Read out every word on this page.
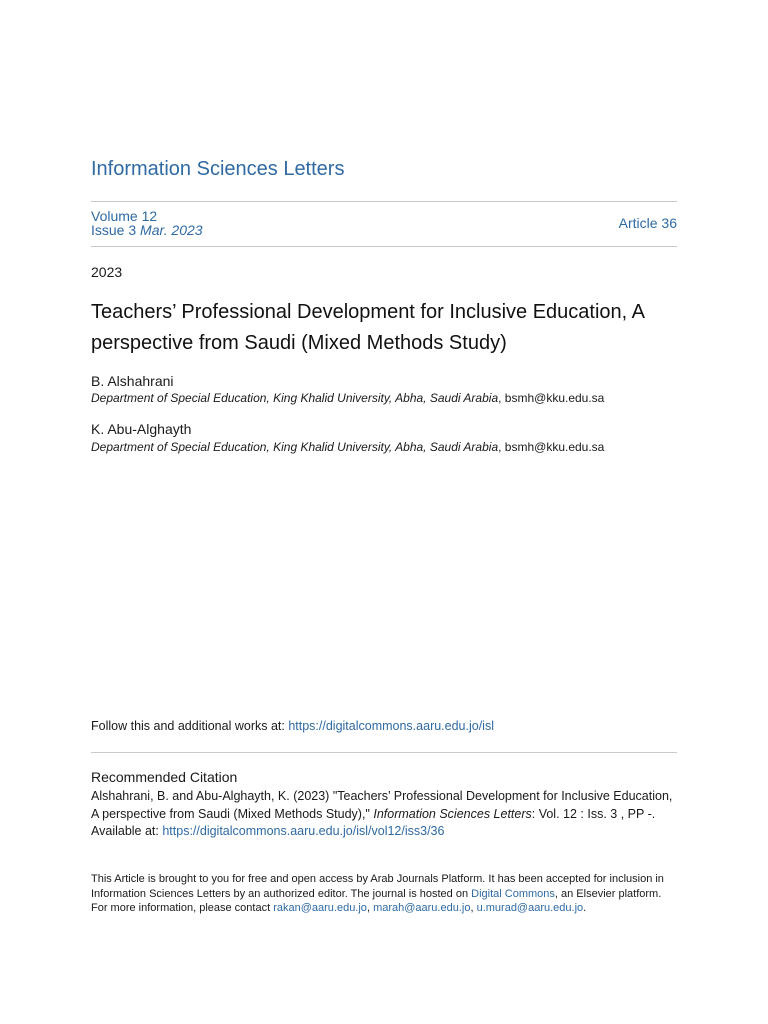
Information Sciences Letters
Volume 12
Issue 3 Mar. 2023	Article 36
2023
Teachers’ Professional Development for Inclusive Education, A perspective from Saudi (Mixed Methods Study)
B. Alshahrani
Department of Special Education, King Khalid University, Abha, Saudi Arabia, bsmh@kku.edu.sa
K. Abu-Alghayth
Department of Special Education, King Khalid University, Abha, Saudi Arabia, bsmh@kku.edu.sa
Follow this and additional works at: https://digitalcommons.aaru.edu.jo/isl
Recommended Citation
Alshahrani, B. and Abu-Alghayth, K. (2023) "Teachers’ Professional Development for Inclusive Education, A perspective from Saudi (Mixed Methods Study)," Information Sciences Letters: Vol. 12 : Iss. 3 , PP -.
Available at: https://digitalcommons.aaru.edu.jo/isl/vol12/iss3/36
This Article is brought to you for free and open access by Arab Journals Platform. It has been accepted for inclusion in Information Sciences Letters by an authorized editor. The journal is hosted on Digital Commons, an Elsevier platform. For more information, please contact rakan@aaru.edu.jo, marah@aaru.edu.jo, u.murad@aaru.edu.jo.
